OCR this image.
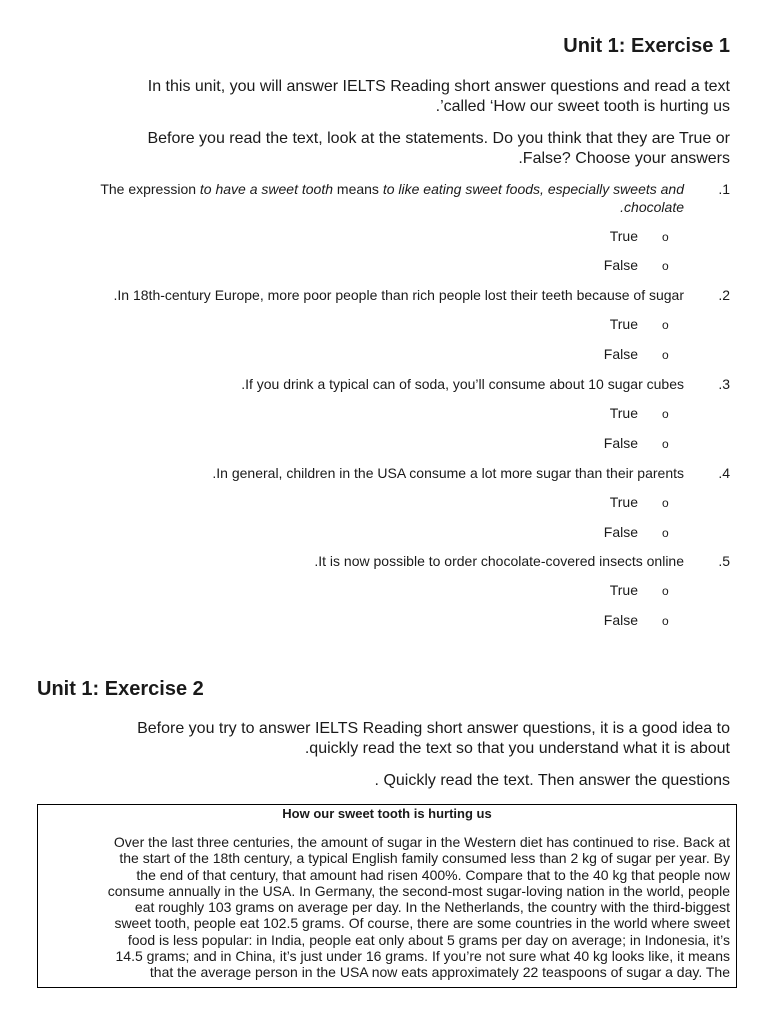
Unit 1: Exercise 1
In this unit, you will answer IELTS Reading short answer questions and read a text
.’called ‘How our sweet tooth is hurting us
Before you read the text, look at the statements. Do you think that they are True or
.False? Choose your answers
.1
The expression to have a sweet tooth means to like eating sweet foods, especially sweets and
.chocolate
True o
False o
.2
.In 18th-century Europe, more poor people than rich people lost their teeth because of sugar
True o
False o
.3
.If you drink a typical can of soda, you’ll consume about 10 sugar cubes
True o
False o
.4
.In general, children in the USA consume a lot more sugar than their parents
True o
False o
.5
.It is now possible to order chocolate-covered insects online
True o
False o
Unit 1: Exercise 2
Before you try to answer IELTS Reading short answer questions, it is a good idea to
.quickly read the text so that you understand what it is about
. Quickly read the text. Then answer the questions
How our sweet tooth is hurting us
Over the last three centuries, the amount of sugar in the Western diet has continued to rise. Back at
the start of the 18th century, a typical English family consumed less than 2 kg of sugar per year. By
the end of that century, that amount had risen 400%. Compare that to the 40 kg that people now
consume annually in the USA. In Germany, the second-most sugar-loving nation in the world, people
eat roughly 103 grams on average per day. In the Netherlands, the country with the third-biggest
sweet tooth, people eat 102.5 grams. Of course, there are some countries in the world where sweet
food is less popular: in India, people eat only about 5 grams per day on average; in Indonesia, it’s
14.5 grams; and in China, it’s just under 16 grams. If you’re not sure what 40 kg looks like, it means
that the average person in the USA now eats approximately 22 teaspoons of sugar a day. The
